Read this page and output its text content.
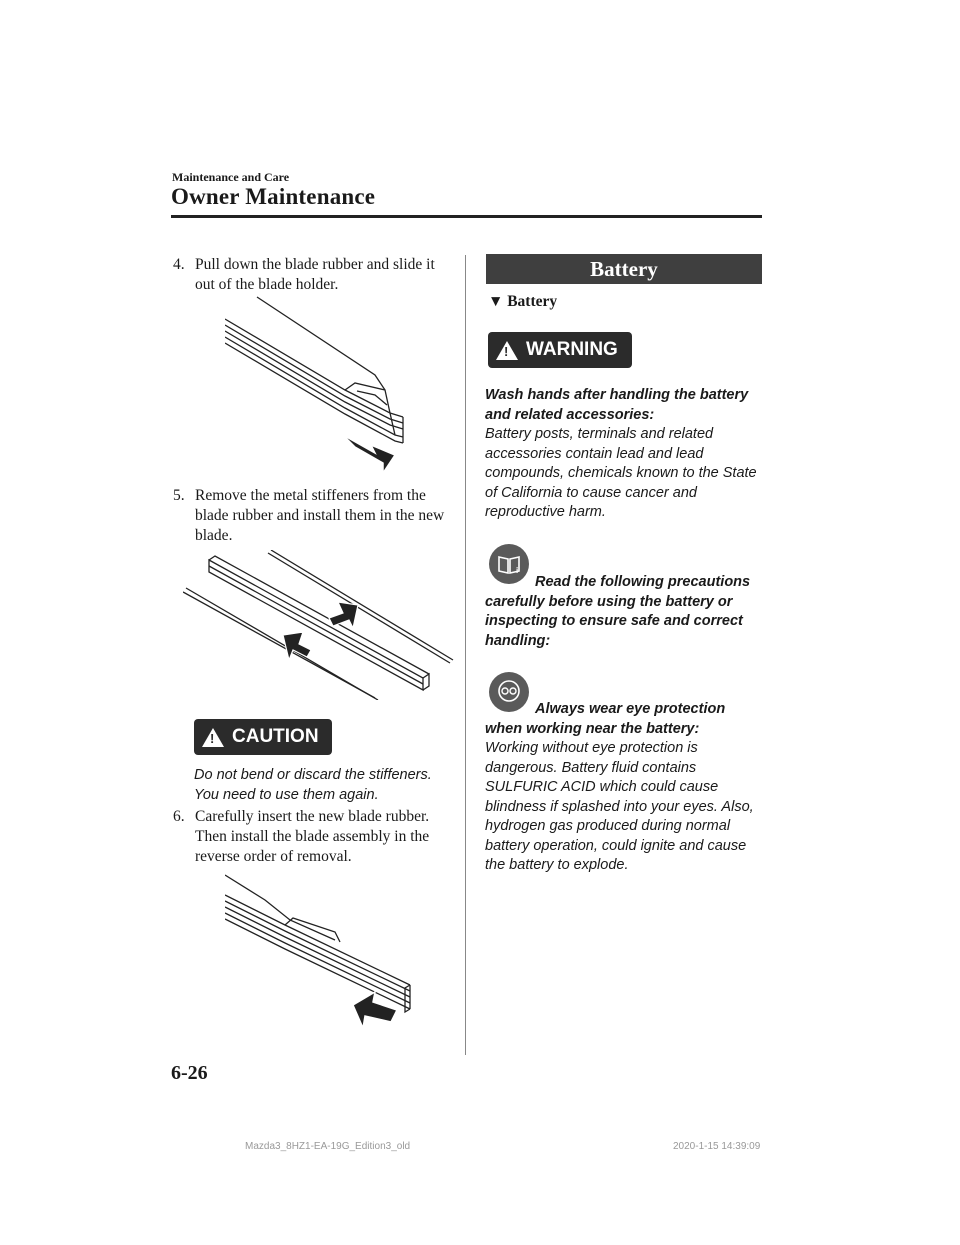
Maintenance and Care
Owner Maintenance
4. Pull down the blade rubber and slide it out of the blade holder.
5. Remove the metal stiffeners from the blade rubber and install them in the new blade.
!
CAUTION
Do not bend or discard the stiffeners. You need to use them again.
6. Carefully insert the new blade rubber. Then install the blade assembly in the reverse order of removal.
Battery
▼ Battery
!
WARNING
Wash hands after handling the battery and related accessories:
Battery posts, terminals and related accessories contain lead and lead compounds, chemicals known to the State of California to cause cancer and reproductive harm.
i
Read the following precautions carefully before using the battery or inspecting to ensure safe and correct handling:
Always wear eye protection when working near the battery:
Working without eye protection is dangerous. Battery fluid contains SULFURIC ACID which could cause blindness if splashed into your eyes. Also, hydrogen gas produced during normal battery operation, could ignite and cause the battery to explode.
6-26
Mazda3_8HZ1-EA-19G_Edition3_old	2020-1-15 14:39:09
